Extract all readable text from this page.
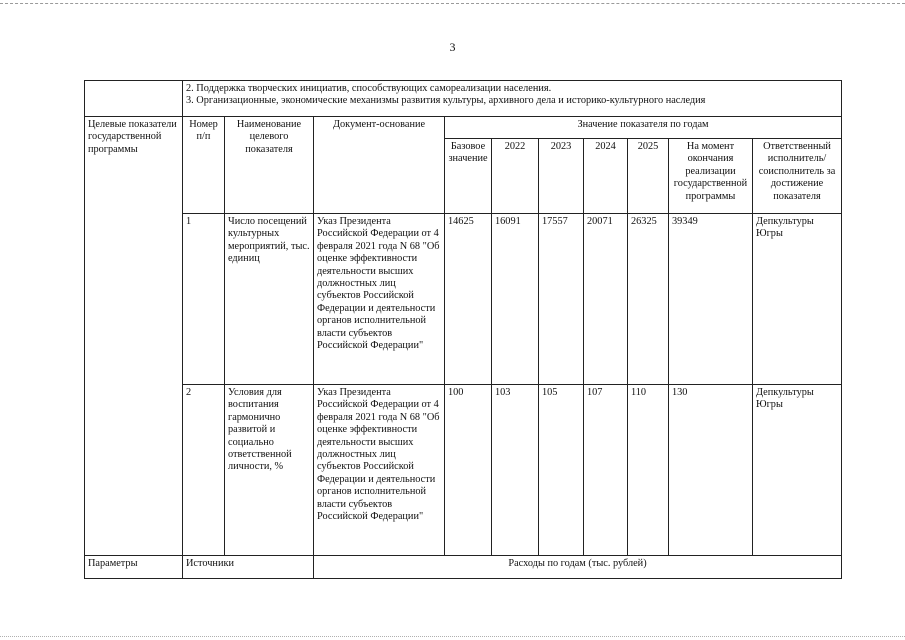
3

	2. Поддержка творческих инициатив, способствующих самореализации населения.
3. Организационные, экономические механизмы развития культуры, архивного дела и историко-культурного наследия									

Целевые показатели государственной программы	Номер п/п	Наименование целевого показателя	Документ-основание	Значение показателя по годам						
				Базовое значение	2022	2023	2024	2025	На момент окончания реализации государственной программы	Ответственный исполнитель/ соисполнитель за достижение показателя
	1	Число посещений культурных мероприятий, тыс. единиц	Указ Президента Российской Федерации от 4 февраля 2021 года N 68 "Об оценке эффективности деятельности высших должностных лиц субъектов Российской Федерации и деятельности органов исполнительной власти субъектов Российской Федерации"	14625	16091	17557	20071	26325	39349	Депкультуры Югры
	2	Условия для воспитания гармонично развитой и социально ответственной личности, %	Указ Президента Российской Федерации от 4 февраля 2021 года N 68 "Об оценке эффективности деятельности высших должностных лиц субъектов Российской Федерации и деятельности органов исполнительной власти субъектов Российской Федерации"	100	103	105	107	110	130	Депкультуры Югры
Параметры	Источники		Расходы по годам (тыс. рублей)							
